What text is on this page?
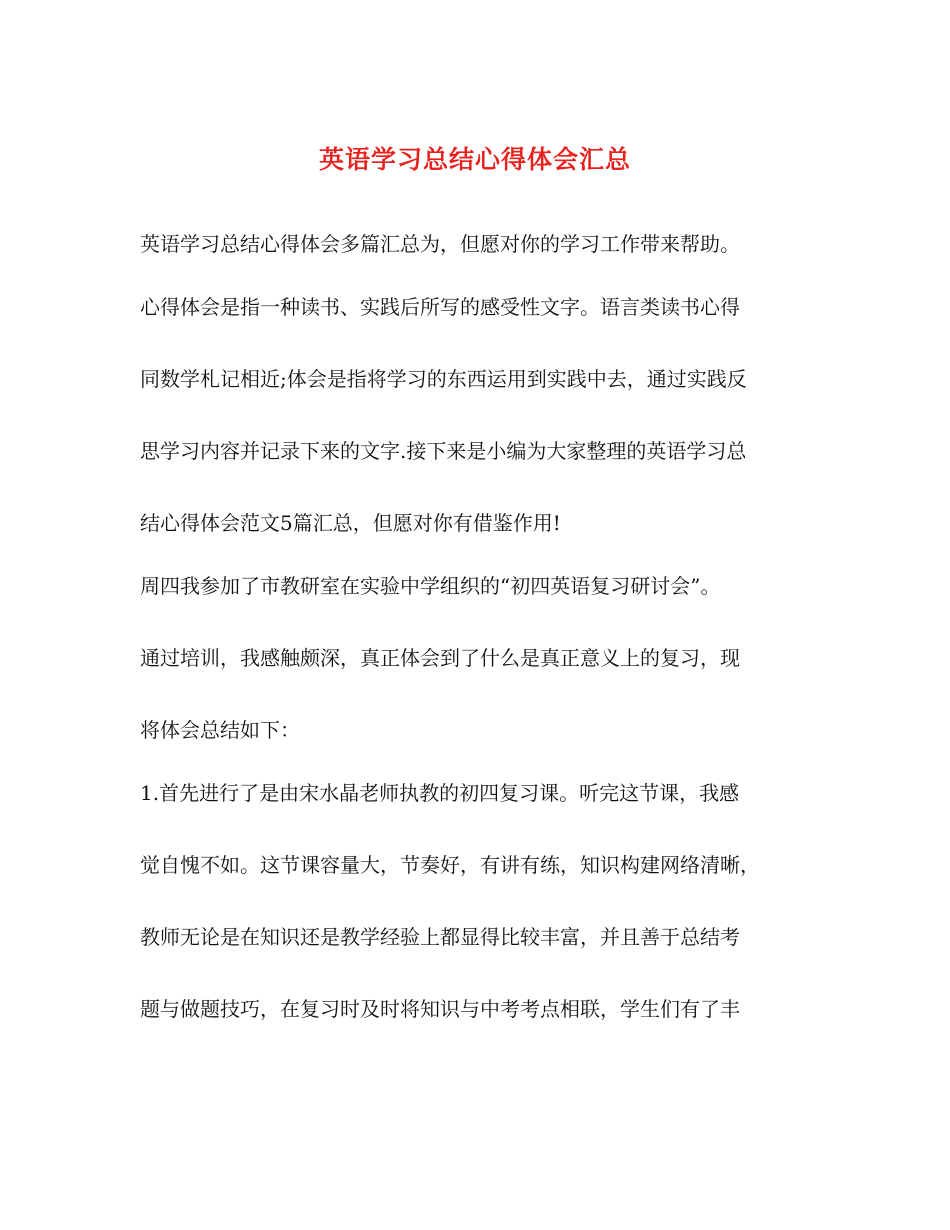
英语学习总结心得体会汇总

英语学习总结心得体会多篇汇总为，但愿对你的学习工作带来帮助。

心得体会是指一种读书、实践后所写的感受性文字。语言类读书心得

同数学札记相近;体会是指将学习的东西运用到实践中去，通过实践反

思学习内容并记录下来的文字.接下来是小编为大家整理的英语学习总

结心得体会范文5篇汇总，但愿对你有借鉴作用!

周四我参加了市教研室在实验中学组织的“初四英语复习研讨会”。

通过培训，我感触颇深，真正体会到了什么是真正意义上的复习，现

将体会总结如下：

1.首先进行了是由宋水晶老师执教的初四复习课。听完这节课，我感

觉自愧不如。这节课容量大，节奏好，有讲有练，知识构建网络清晰，

教师无论是在知识还是教学经验上都显得比较丰富，并且善于总结考

题与做题技巧，在复习时及时将知识与中考考点相联，学生们有了丰
